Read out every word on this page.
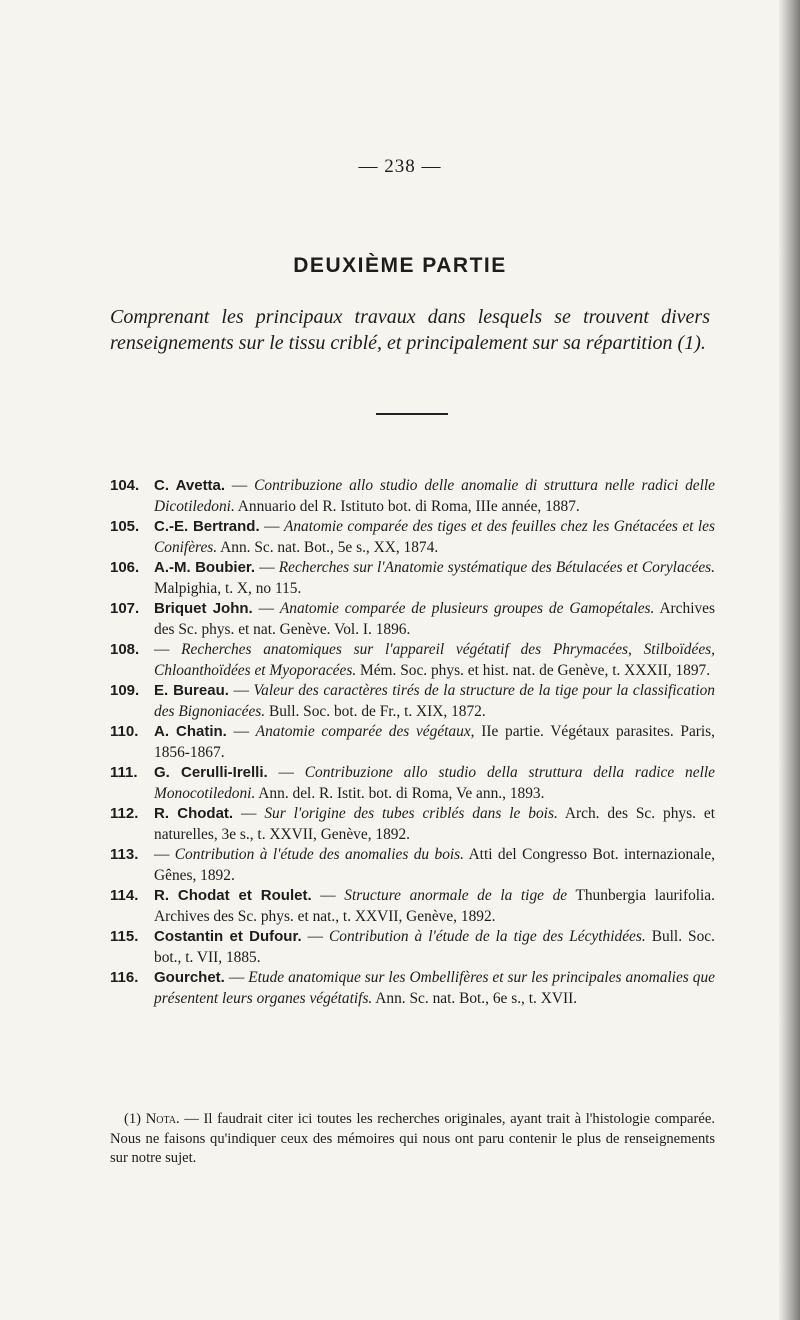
— 238 —
DEUXIÈME PARTIE
Comprenant les principaux travaux dans lesquels se trouvent divers renseignements sur le tissu criblé, et principalement sur sa répartition (1).
104. C. Avetta. — Contribuzione allo studio delle anomalie di struttura nelle radici delle Dicotiledoni. Annuario del R. Istituto bot. di Roma, IIIe année, 1887.
105. C.-E. Bertrand. — Anatomie comparée des tiges et des feuilles chez les Gnétacées et les Conifères. Ann. Sc. nat. Bot., 5e s., XX, 1874.
106. A.-M. Boubier. — Recherches sur l'Anatomie systématique des Bétulacées et Corylacées. Malpighia, t. X, no 115.
107. Briquet John. — Anatomie comparée de plusieurs groupes de Gamopétales. Archives des Sc. phys. et nat. Genève. Vol. I. 1896.
108. — Recherches anatomiques sur l'appareil végétatif des Phrymacées, Stilboïdées, Chloanthoïdées et Myoporacées. Mém. Soc. phys. et hist. nat. de Genève, t. XXXII, 1897.
109. E. Bureau. — Valeur des caractères tirés de la structure de la tige pour la classification des Bignoniacées. Bull. Soc. bot. de Fr., t. XIX, 1872.
110.	A. Chatin. — Anatomie comparée des végétaux, IIe partie. Végétaux parasites. Paris, 1856-1867.
111.	G. Cerulli-Irelli. — Contribuzione allo studio della struttura della radice nelle Monocotiledoni. Ann. del. R. Istit. bot. di Roma, Ve ann., 1893.
112.	R. Chodat. — Sur l'origine des tubes criblés dans le bois. Arch. des Sc. phys. et naturelles, 3e s., t. XXVII, Genève, 1892.
113.	— Contribution à l'étude des anomalies du bois. Atti del Congresso Bot. internazionale, Gênes, 1892.
114.	R. Chodat et Roulet. — Structure anormale de la tige de Thunbergia laurifolia. Archives des Sc. phys. et nat., t. XXVII, Genève, 1892.
115.	Costantin et Dufour. — Contribution à l'étude de la tige des Lécythidées. Bull. Soc. bot., t. VII, 1885.
116.	Gourchet. — Etude anatomique sur les Ombellifères et sur les principales anomalies que présentent leurs organes végétatifs. Ann. Sc. nat. Bot., 6e s., t. XVII.
(1) Nota. — Il faudrait citer ici toutes les recherches originales, ayant trait à l'histologie comparée. Nous ne faisons qu'indiquer ceux des mémoires qui nous ont paru contenir le plus de renseignements sur notre sujet.
